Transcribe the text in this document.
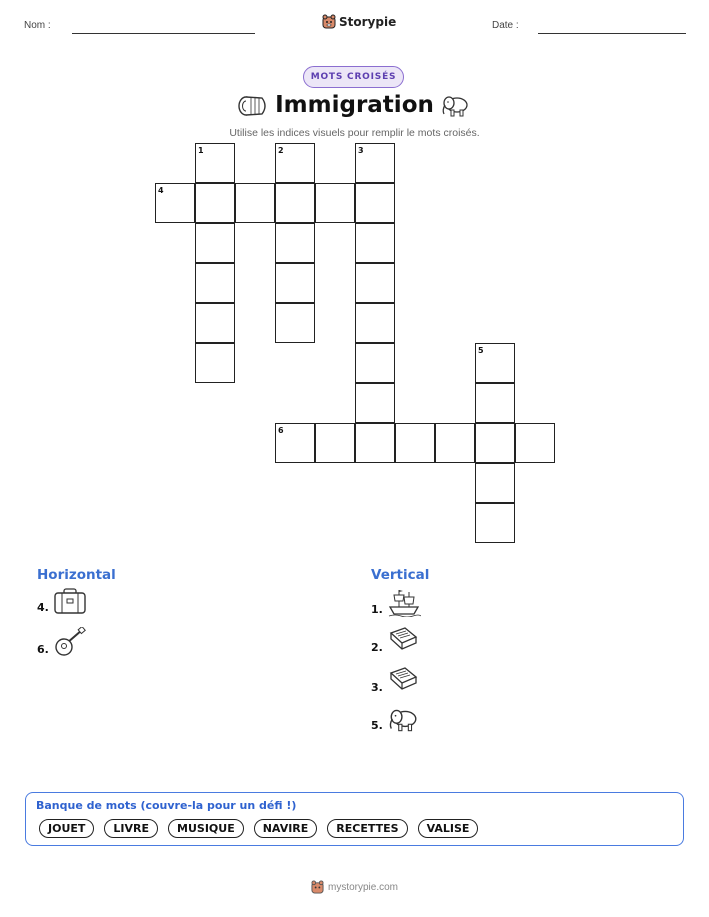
Nom :	Storypie	Date :
MOTS CROISÉS
Immigration
Utilise les indices visuels pour remplir le mots croisés.
1	2	3
4
5
6
Horizontal	Vertical
4.
6.
1.
2.
3.
5.
Banque de mots (couvre-la pour un défi !)
JOUET	LIVRE	MUSIQUE	NAVIRE	RECETTES	VALISE
mystorypie.com
